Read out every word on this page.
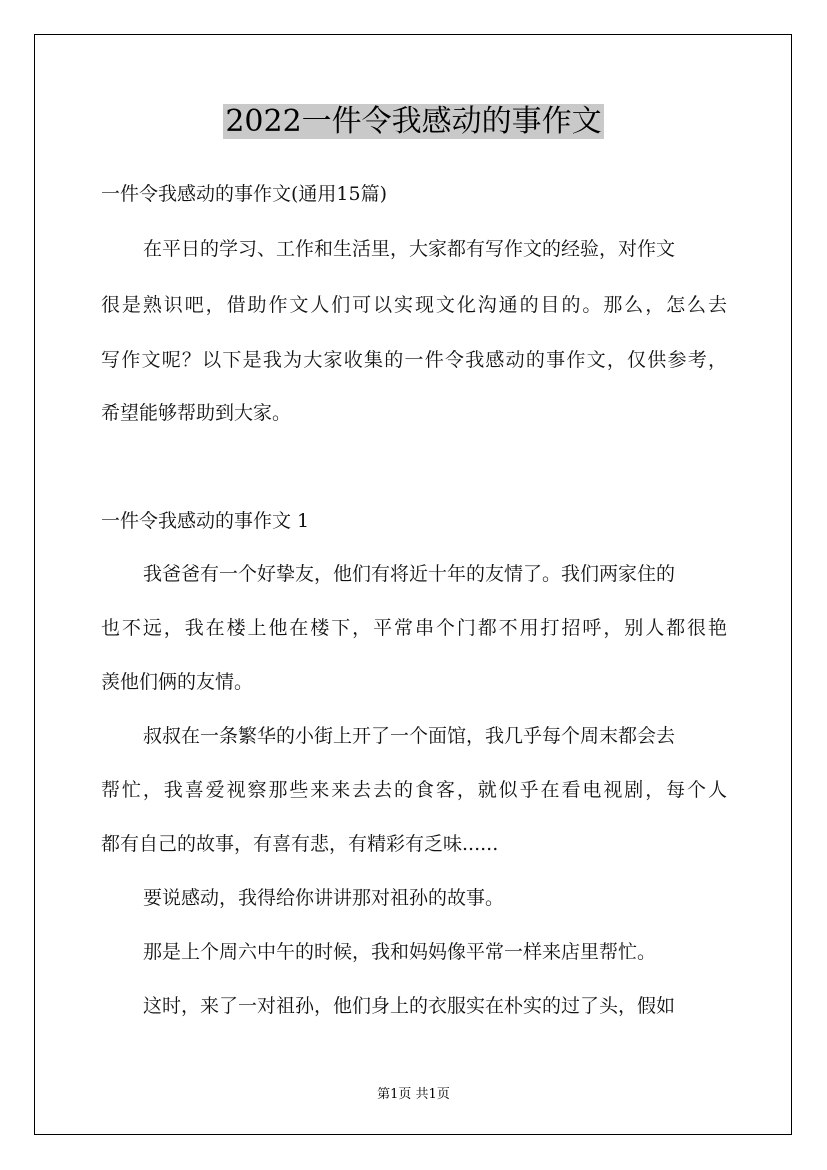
2022一件令我感动的事作文
一件令我感动的事作文(通用15篇)
在平日的学习、工作和生活里，大家都有写作文的经验，对作文
很是熟识吧，借助作文人们可以实现文化沟通的目的。那么，怎么去
写作文呢？以下是我为大家收集的一件令我感动的事作文，仅供参考，
希望能够帮助到大家。
一件令我感动的事作文 1
我爸爸有一个好挚友，他们有将近十年的友情了。我们两家住的
也不远，我在楼上他在楼下，平常串个门都不用打招呼，别人都很艳
羡他们俩的友情。
叔叔在一条繁华的小街上开了一个面馆，我几乎每个周末都会去
帮忙，我喜爱视察那些来来去去的食客，就似乎在看电视剧，每个人
都有自己的故事，有喜有悲，有精彩有乏味......
要说感动，我得给你讲讲那对祖孙的故事。
那是上个周六中午的时候，我和妈妈像平常一样来店里帮忙。
这时，来了一对祖孙，他们身上的衣服实在朴实的过了头，假如
第1页 共1页
